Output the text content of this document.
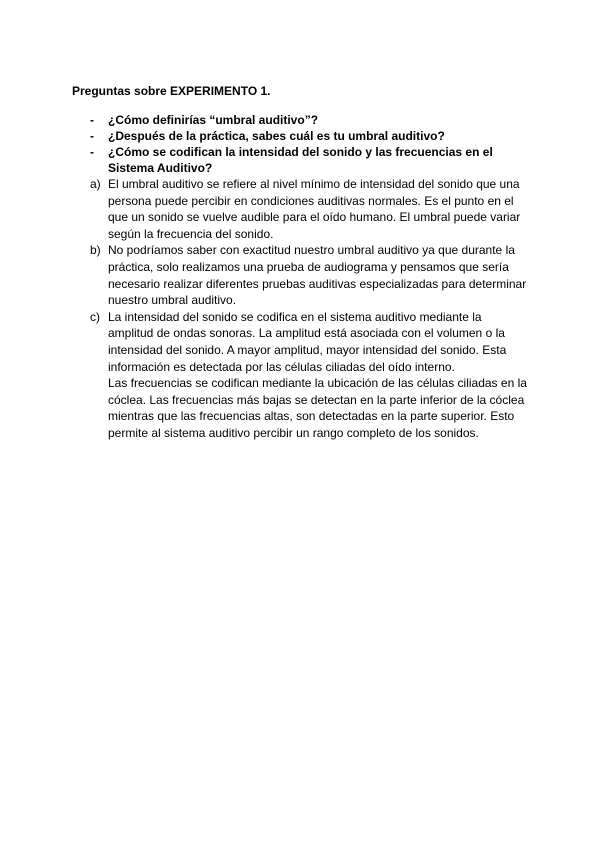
Preguntas sobre EXPERIMENTO 1.
-	¿Cómo definirías “umbral auditivo”?
-	¿Después de la práctica, sabes cuál es tu umbral auditivo?
-	¿Cómo se codifican la intensidad del sonido y las frecuencias en el Sistema Auditivo?
a) El umbral auditivo se refiere al nivel mínimo de intensidad del sonido que una persona puede percibir en condiciones auditivas normales. Es el punto en el que un sonido se vuelve audible para el oído humano. El umbral puede variar según la frecuencia del sonido.

b) No podríamos saber con exactitud nuestro umbral auditivo ya que durante la práctica, solo realizamos una prueba de audiograma y pensamos que sería necesario realizar diferentes pruebas auditivas especializadas para determinar nuestro umbral auditivo.

c) La intensidad del sonido se codifica en el sistema auditivo mediante la amplitud de ondas sonoras. La amplitud está asociada con el volumen o la intensidad del sonido. A mayor amplitud, mayor intensidad del sonido. Esta información es detectada por las células ciliadas del oído interno.

Las frecuencias se codifican mediante la ubicación de las células ciliadas en la cóclea. Las frecuencias más bajas se detectan en la parte inferior de la cóclea mientras que las frecuencias altas, son detectadas en la parte superior. Esto permite al sistema auditivo percibir un rango completo de los sonidos.
